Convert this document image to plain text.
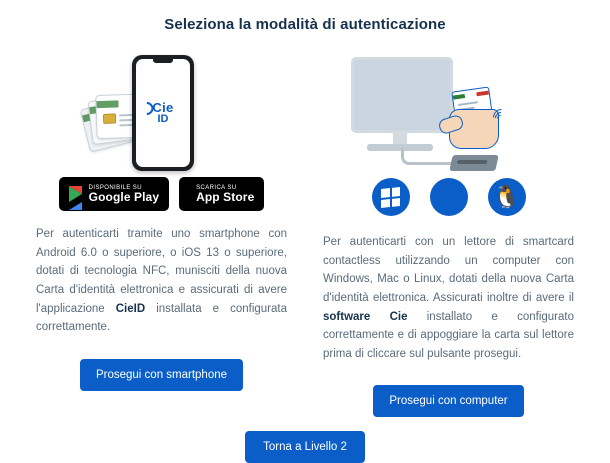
Seleziona la modalità di autenticazione
Cie
ID
DISPONIBILE SU
Google Play
SCARICA SU
App Store
Per autenticarti tramite uno smartphone con Android 6.0 o superiore, o iOS 13 o superiore, dotati di tecnologia NFC, munisciti della nuova Carta d'identità elettronica e assicurati di avere l'applicazione CieID installata e configurata correttamente.
Prosegui con smartphone
🐧
Per autenticarti con un lettore di smartcard contactless utilizzando un computer con Windows, Mac o Linux, dotati della nuova Carta d'identità elettronica. Assicurati inoltre di avere il software Cie installato e configurato correttamente e di appoggiare la carta sul lettore prima di cliccare sul pulsante prosegui.
Prosegui con computer
Torna a Livello 2
